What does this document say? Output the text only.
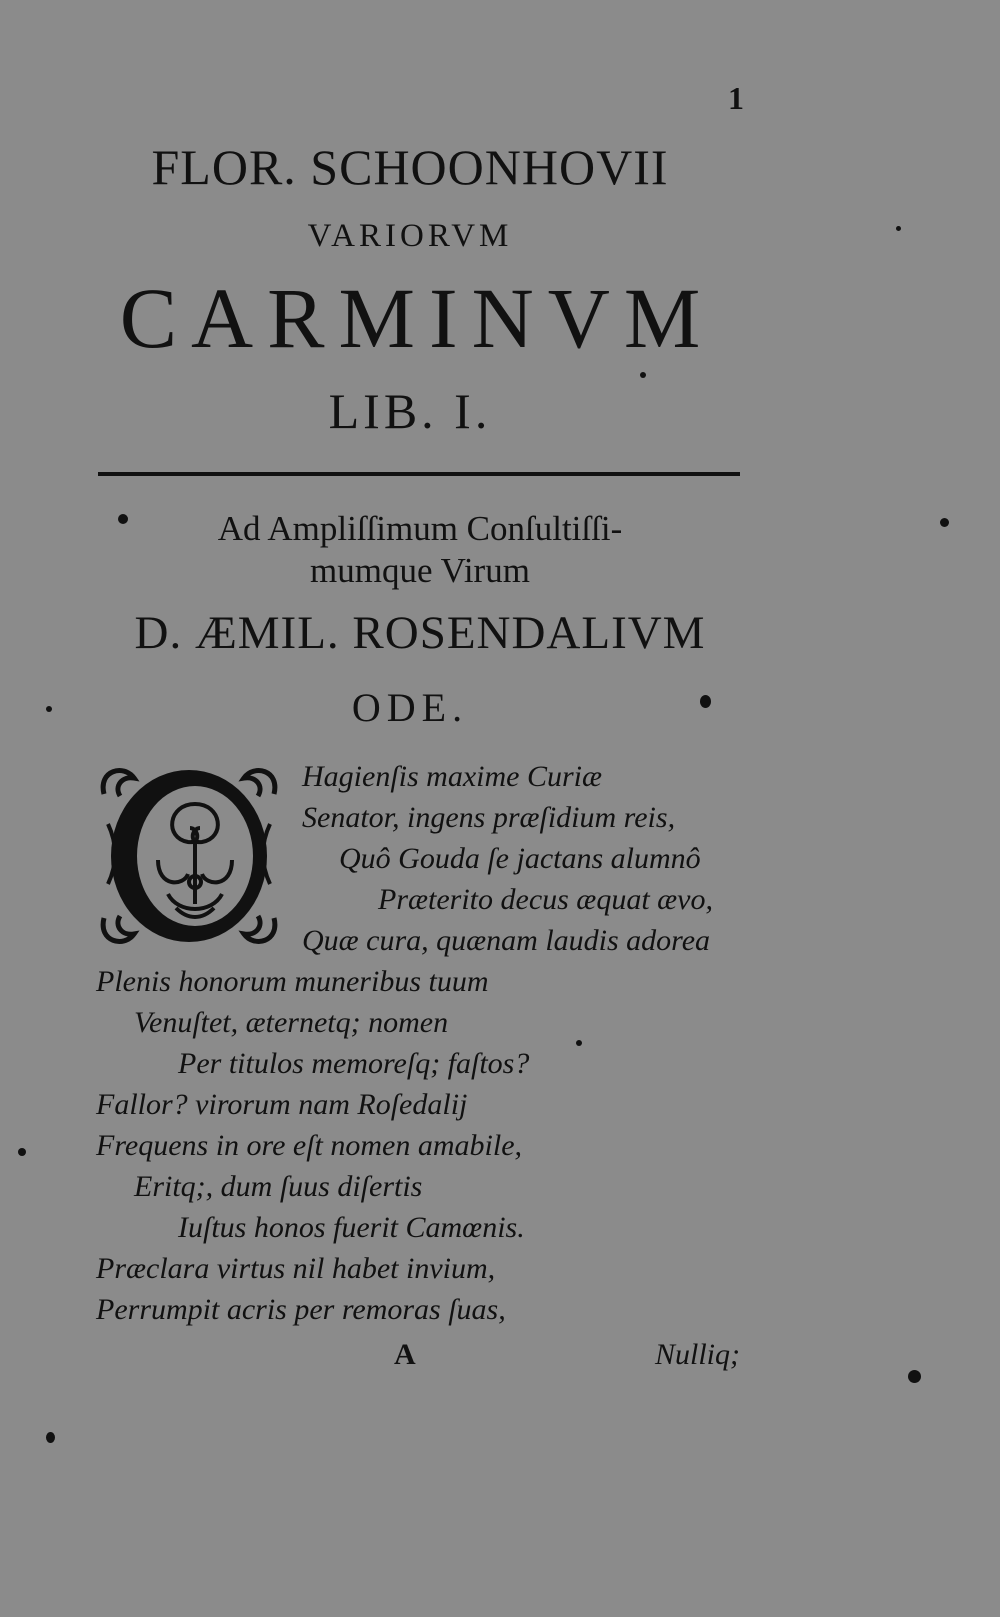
1
FLOR. SCHOONHOVII
VARIORVM
CARMINVM
LIB. I.
Ad Ampliſſimum Conſultiſſi-
mumque Virum
D. ÆMIL. ROSENDALIVM
ODE.
Hagienſis maxime Curiæ
Senator, ingens præſidium reis,
Quô Gouda ſe jactans alumnô
Præterito decus æquat ævo,
Quæ cura, quænam laudis adorea
Plenis honorum muneribus tuum
Venuſtet, æternetq; nomen
Per titulos memoreſq; faſtos?
Fallor? virorum nam Roſedalij
Frequens in ore eſt nomen amabile,
Eritq;, dum ſuus diſertis
Iuſtus honos fuerit Camœnis.
Præclara virtus nil habet invium,
Perrumpit acris per remoras ſuas,
A	Nulliq;
